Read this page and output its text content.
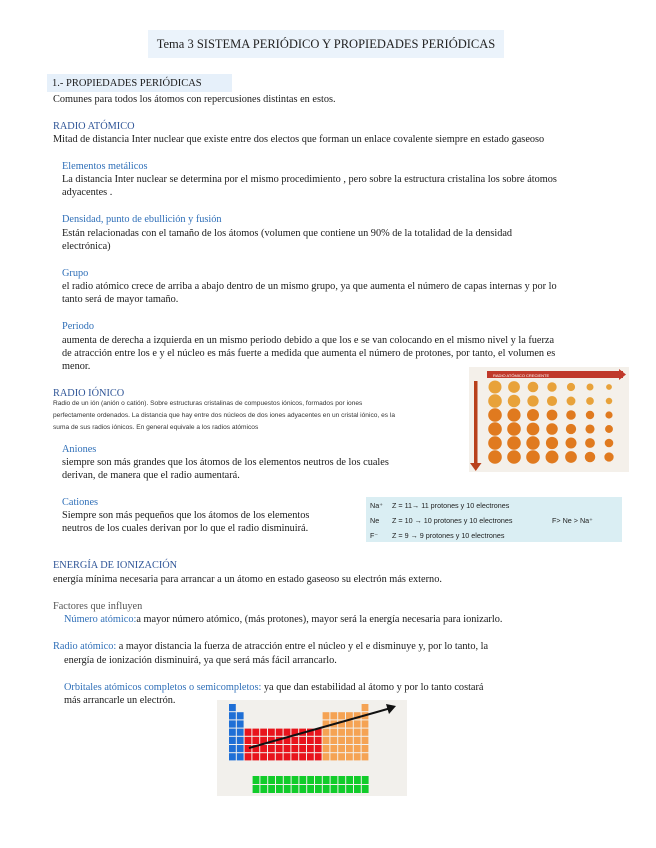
Tema 3 SISTEMA PERIÓDICO Y PROPIEDADES PERIÓDICAS
1.- PROPIEDADES PERIÓDICAS
Comunes para todos los átomos con repercusiones distintas en estos.
RADIO ATÓMICO
Mitad de distancia Inter nuclear que existe entre dos electos que forman un enlace covalente siempre en estado gaseoso
Elementos metálicos
La distancia Inter nuclear se determina por el mismo procedimiento , pero sobre la estructura cristalina los sobre átomos
adyacentes .
Densidad, punto de ebullición y fusión
Están relacionadas con el tamaño de los átomos (volumen que contiene un 90% de la totalidad de la densidad
electrónica)
Grupo
el radio atómico crece de arriba a abajo dentro de un mismo grupo, ya que aumenta el número de capas internas y por lo
tanto será de mayor tamaño.
Periodo
aumenta de derecha a izquierda en un mismo periodo debido a que los e se van colocando en el mismo nivel y la fuerza
de atracción entre los e y el núcleo es más fuerte a medida que aumenta el número de protones, por tanto, el volumen es
menor.
RADIO IÓNICO
Radio de un ión (anión o catión). Sobre estructuras cristalinas de compuestos iónicos, formados por iones
perfectamente ordenados. La distancia que hay entre dos núcleos de dos iones adyacentes en un cristal iónico, es la
suma de sus radios iónicos. En general equivale a los radios atómicos
Aniones
siempre son más grandes que los átomos de los elementos neutros de los cuales
derivan, de manera que el radio aumentará.
RADIO ATÓMICO CRECIENTE
Cationes
Siempre son más pequeños que los átomos de los elementos
neutros de los cuales derivan por lo que el radio disminuirá.
Na⁺ Z = 11→ 11 protones y 10 electrones
Ne Z = 10 → 10 protones y 10 electrones	F> Ne > Na⁺
F⁻ Z = 9 → 9 protones y 10 electrones
ENERGÍA DE IONIZACIÓN
energía mínima necesaria para arrancar a un átomo en estado gaseoso su electrón más externo.
Factores que influyen
Número atómico:a mayor número atómico, (más protones), mayor será la energía necesaria para ionizarlo.
Radio atómico: a mayor distancia la fuerza de atracción entre el núcleo y el e disminuye y, por lo tanto, la
energía de ionización disminuirá, ya que será más fácil arrancarlo.
Orbitales atómicos completos o semicompletos: ya que dan estabilidad al átomo y por lo tanto costará
más arrancarle un electrón.
